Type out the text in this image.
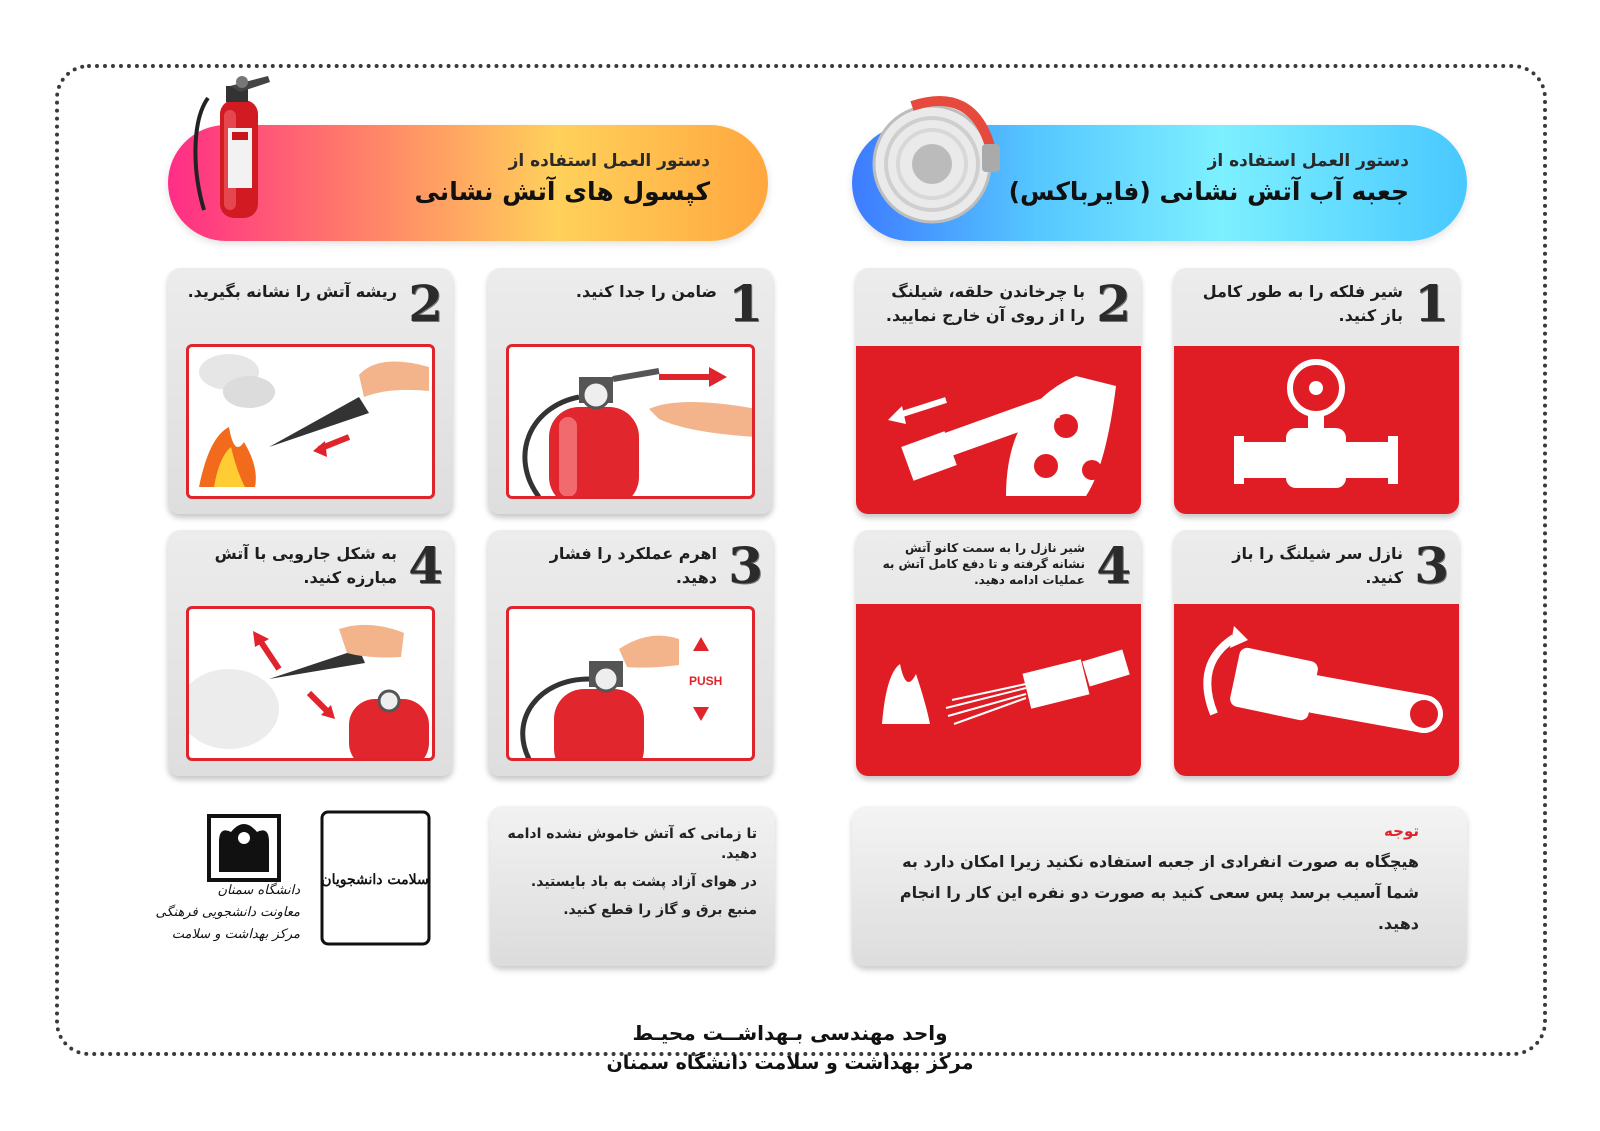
دستور العمل استفاده از
کپسول های آتش نشانی
دستور العمل استفاده از
جعبه آب آتش نشانی (فایرباکس)
1
ضامن را جدا کنید.
2
ریشه آتش را نشانه بگیرید.
3
اهرم عملکرد را فشار دهید.
PUSH
4
به شکل جارویی با آتش مبارزه کنید.
1
شیر فلکه را به طور کامل باز کنید.
2
با چرخاندن حلقه، شیلنگ را از روی آن خارج نمایید.
3
نازل سر شیلنگ را باز کنید.
4
شیر نازل را به سمت کانو آتش نشانه گرفته و تا دفع کامل آتش به عملیات ادامه دهید.

تا زمانی که آتش خاموش نشده ادامه دهید.

در هوای آزاد پشت به باد بایستید.

منبع برق و گاز را قطع کنید.

توجه
هیچگاه به صورت انفرادی از جعبه استفاده نکنید زیرا امکان دارد به شما آسیب برسد پس سعی کنید به صورت دو نفره این کار را انجام دهید.
دانشگاه سمنان
معاونت دانشجویی فرهنگی
مرکز بهداشت و سلامت
سلامت دانشجویان
واحد مهندسی بـهداشــت محیـط
مرکز بهداشت و سلامت دانشگاه سمنان
